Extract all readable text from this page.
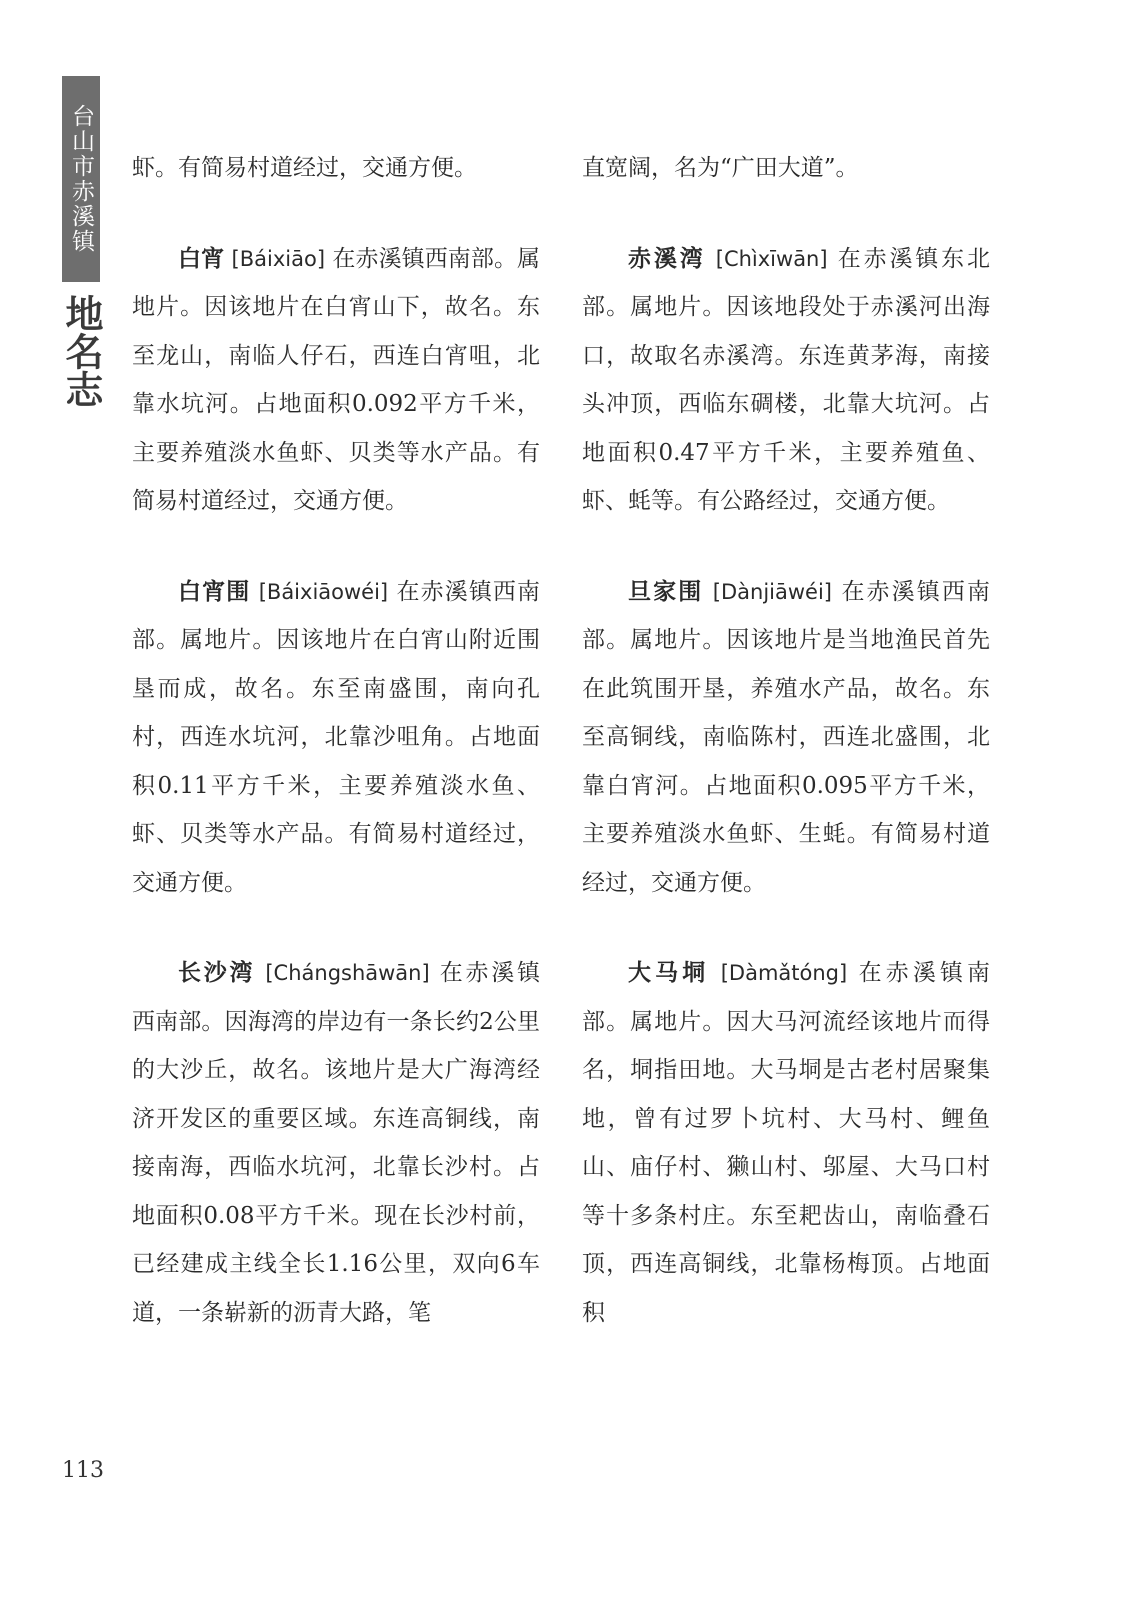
台山市赤溪镇
地名志

虾。有简易村道经过，交通方便。

白宵 [Báixiāo] 在赤溪镇西南部。属地片。因该地片在白宵山下，故名。东至龙山，南临人仔石，西连白宵咀，北靠水坑河。占地面积0.092平方千米，主要养殖淡水鱼虾、贝类等水产品。有简易村道经过，交通方便。

白宵围 [Báixiāowéi] 在赤溪镇西南部。属地片。因该地片在白宵山附近围垦而成，故名。东至南盛围，南向孔村，西连水坑河，北靠沙咀角。占地面积0.11平方千米，主要养殖淡水鱼、虾、贝类等水产品。有简易村道经过，交通方便。

长沙湾 [Chángshāwān] 在赤溪镇西南部。因海湾的岸边有一条长约2公里的大沙丘，故名。该地片是大广海湾经济开发区的重要区域。东连高铜线，南接南海，西临水坑河，北靠长沙村。占地面积0.08平方千米。现在长沙村前，已经建成主线全长1.16公里，双向6车道，一条崭新的沥青大路，笔

直宽阔，名为“广田大道”。

赤溪湾 [Chìxīwān] 在赤溪镇东北部。属地片。因该地段处于赤溪河出海口，故取名赤溪湾。东连黄茅海，南接头冲顶，西临东碉楼，北靠大坑河。占地面积0.47平方千米，主要养殖鱼、虾、蚝等。有公路经过，交通方便。

旦家围 [Dànjiāwéi] 在赤溪镇西南部。属地片。因该地片是当地渔民首先在此筑围开垦，养殖水产品，故名。东至高铜线，南临陈村，西连北盛围，北靠白宵河。占地面积0.095平方千米，主要养殖淡水鱼虾、生蚝。有简易村道经过，交通方便。

大马垌 [Dàmǎtóng] 在赤溪镇南部。属地片。因大马河流经该地片而得名，垌指田地。大马垌是古老村居聚集地，曾有过罗卜坑村、大马村、鲤鱼山、庙仔村、獭山村、邬屋、大马口村等十多条村庄。东至耙齿山，南临叠石顶，西连高铜线，北靠杨梅顶。占地面积

113
